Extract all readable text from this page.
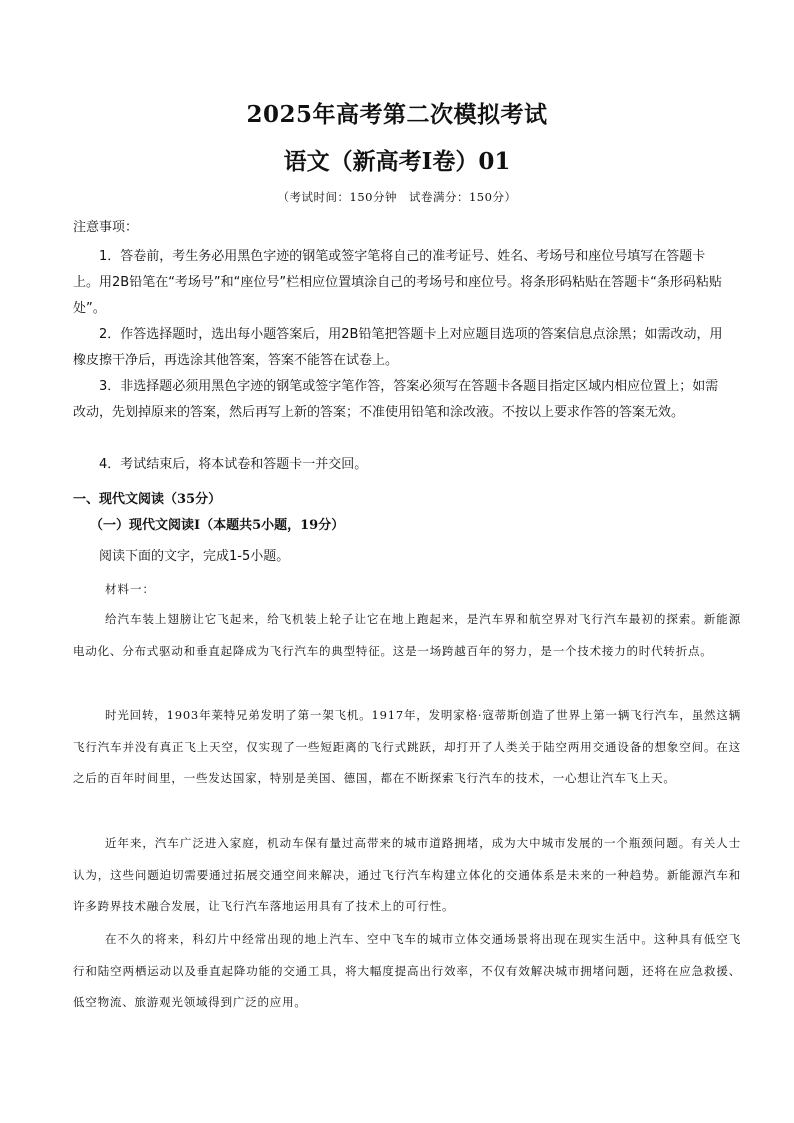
2025年高考第二次模拟考试
语文（新高考Ⅰ卷）01
（考试时间：150分钟　试卷满分：150分）
注意事项：
1．答卷前，考生务必用黑色字迹的钢笔或签字笔将自己的准考证号、姓名、考场号和座位号填写在答题卡上。用2B铅笔在“考场号”和“座位号”栏相应位置填涂自己的考场号和座位号。将条形码粘贴在答题卡“条形码粘贴处”。
2．作答选择题时，选出每小题答案后，用2B铅笔把答题卡上对应题目选项的答案信息点涂黑；如需改动，用橡皮擦干净后，再选涂其他答案，答案不能答在试卷上。
3．非选择题必须用黑色字迹的钢笔或签字笔作答，答案必须写在答题卡各题目指定区域内相应位置上；如需改动，先划掉原来的答案，然后再写上新的答案；不准使用铅笔和涂改液。不按以上要求作答的答案无效。
4．考试结束后，将本试卷和答题卡一并交回。
一、现代文阅读（35分）
（一）现代文阅读Ⅰ（本题共5小题，19分）
阅读下面的文字，完成1-5小题。
材料一：
给汽车装上翅膀让它飞起来，给飞机装上轮子让它在地上跑起来，是汽车界和航空界对飞行汽车最初的探索。新能源电动化、分布式驱动和垂直起降成为飞行汽车的典型特征。这是一场跨越百年的努力，是一个技术接力的时代转折点。
时光回转，1903年莱特兄弟发明了第一架飞机。1917年，发明家格·寇蒂斯创造了世界上第一辆飞行汽车，虽然这辆飞行汽车并没有真正飞上天空，仅实现了一些短距离的飞行式跳跃，却打开了人类关于陆空两用交通设备的想象空间。在这之后的百年时间里，一些发达国家，特别是美国、德国，都在不断探索飞行汽车的技术，一心想让汽车飞上天。
近年来，汽车广泛进入家庭，机动车保有量过高带来的城市道路拥堵，成为大中城市发展的一个瓶颈问题。有关人士认为，这些问题迫切需要通过拓展交通空间来解决，通过飞行汽车构建立体化的交通体系是未来的一种趋势。新能源汽车和许多跨界技术融合发展，让飞行汽车落地运用具有了技术上的可行性。
在不久的将来，科幻片中经常出现的地上汽车、空中飞车的城市立体交通场景将出现在现实生活中。这种具有低空飞行和陆空两栖运动以及垂直起降功能的交通工具，将大幅度提高出行效率，不仅有效解决城市拥堵问题，还将在应急救援、低空物流、旅游观光领域得到广泛的应用。
